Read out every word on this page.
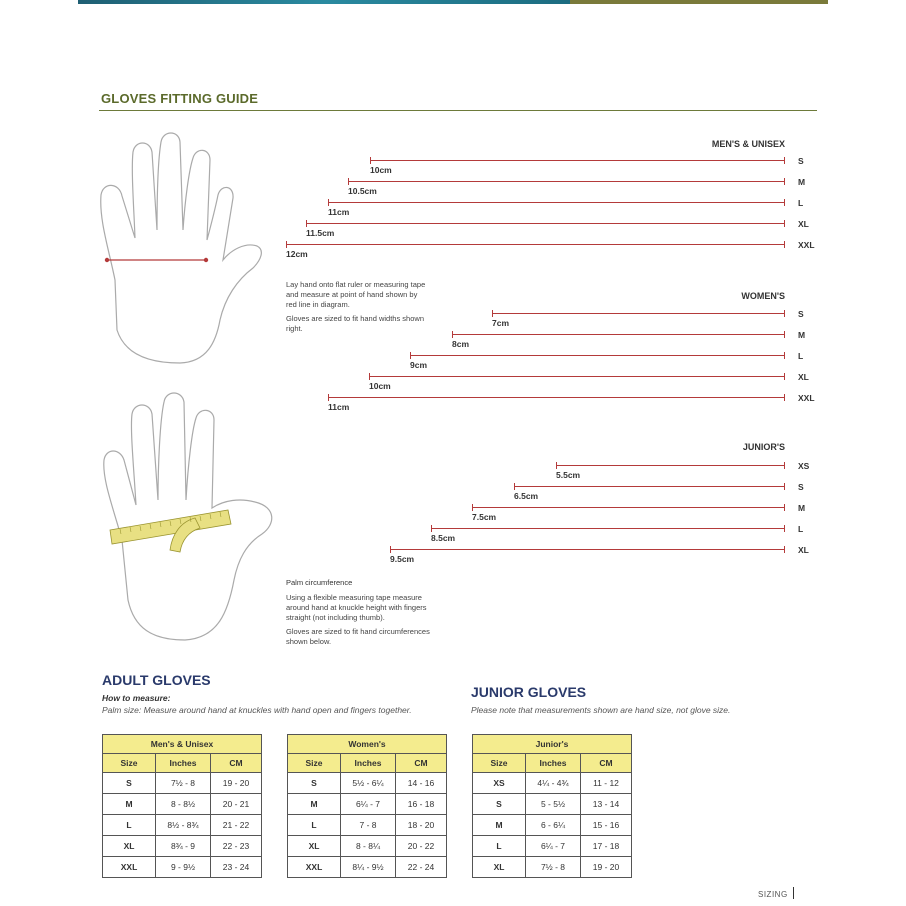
GLOVES FITTING GUIDE
MEN'S & UNISEX
10cm
S
10.5cm
M
11cm
L
11.5cm
XL
12cm
XXL
WOMEN'S
7cm
S
8cm
M
9cm
L
10cm
XL
11cm
XXL
JUNIOR'S
5.5cm
XS
6.5cm
S
7.5cm
M
8.5cm
L
9.5cm
XL

Lay hand onto flat ruler or measuring tape and measure at point of hand shown by red line in diagram.

Gloves are sized to fit hand widths shown right.

Palm circumference

Using a flexible measuring tape measure around hand at knuckle height with fingers straight (not including thumb).

Gloves are sized to fit hand circumferences shown below.

ADULT GLOVES
How to measure:
Palm size: Measure around hand at knuckles with hand open and fingers together.
JUNIOR GLOVES
Please note that measurements shown are hand size, not glove size.
Men's & Unisex		
Size	Inches	CM
S	7½ - 8	19 - 20
M	8 - 8½	20 - 21
L	8½ - 8¾	21 - 22
XL	8¾ - 9	22 - 23
XXL	9 - 9½	23 - 24
Women's		
Size	Inches	CM
S	5½ - 6¼	14 - 16
M	6¼ - 7	16 - 18
L	7 - 8	18 - 20
XL	8 - 8¼	20 - 22
XXL	8¼ - 9½	22 - 24
Junior's		
Size	Inches	CM
XS	4¼ - 4¾	11 - 12
S	5 - 5½	13 - 14
M	6 - 6¼	15 - 16
L	6¼ - 7	17 - 18
XL	7½ - 8	19 - 20
SIZING
